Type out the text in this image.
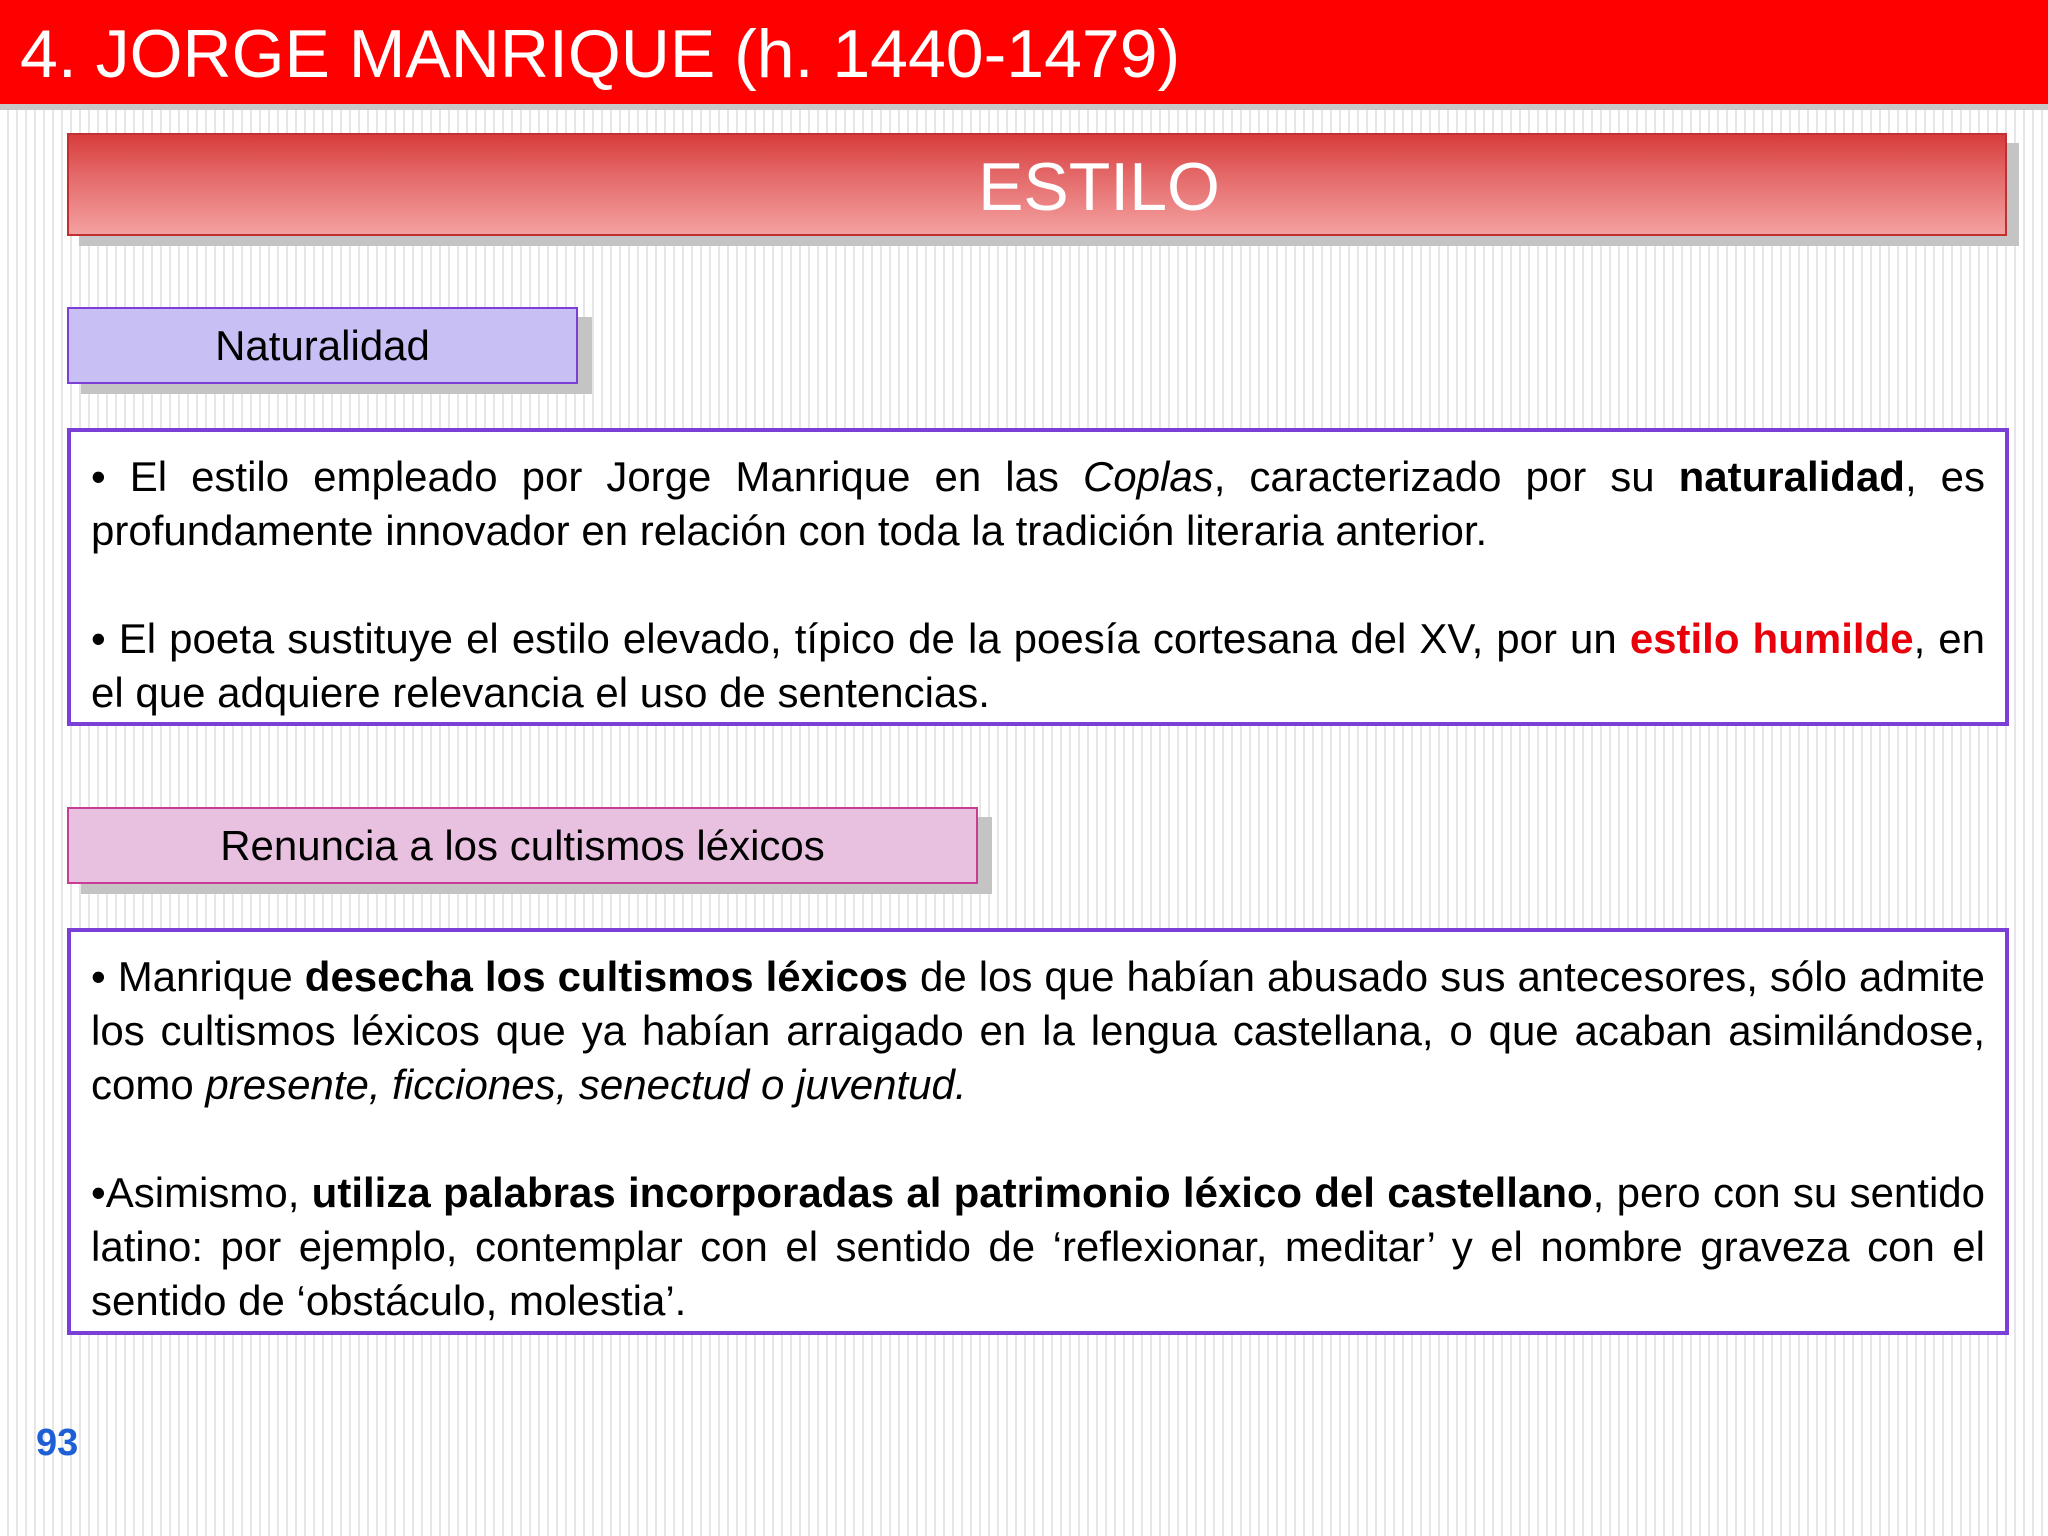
4. JORGE MANRIQUE (h. 1440-1479)
ESTILO
Naturalidad

• El estilo empleado por Jorge Manrique en las Coplas, caracterizado por su naturalidad, es profundamente innovador en relación con toda la tradición literaria anterior.

• El poeta sustituye el estilo elevado, típico de la poesía cortesana del XV, por un estilo humilde, en el que adquiere relevancia el uso de sentencias.

Renuncia a los cultismos léxicos

• Manrique desecha los cultismos léxicos de los que habían abusado sus antecesores, sólo admite los cultismos léxicos que ya habían arraigado en la lengua castellana, o que acaban asimilándose, como presente, ficciones, senectud o juventud.

•Asimismo, utiliza palabras incorporadas al patrimonio léxico del castellano, pero con su sentido latino: por ejemplo, contemplar con el sentido de ‘reflexionar, meditar’ y el nombre graveza con el sentido de ‘obstáculo, molestia’.

93
